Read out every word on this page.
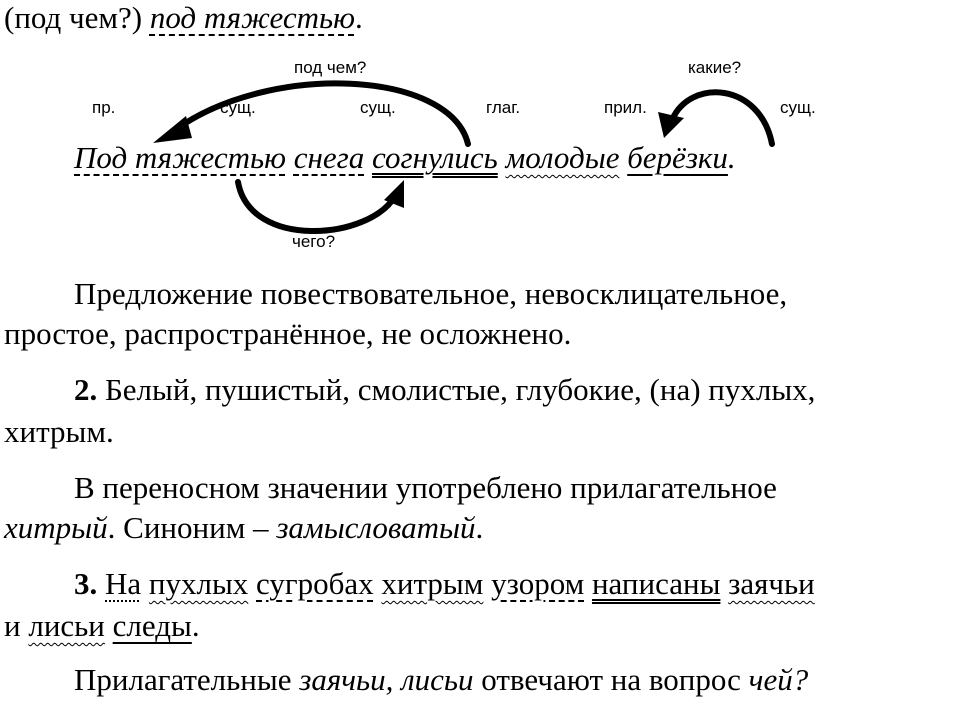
(под чем?) под тяжестью.
под чем?	какие?
пр.	сущ.	сущ.	глаг.	прил.	сущ.
Под тяжестью снега согнулись молодые берёзки.
чего?
Предложение повествовательное, невосклицательное,
простое, распространённое, не осложнено.
2. Белый, пушистый, смолистые, глубокие, (на) пухлых,
хитрым.
В переносном значении употреблено прилагательное
хитрый. Синоним – замысловатый.
3. На пухлых сугробах хитрым узором написаны заячьи
и лисьи следы.
Прилагательные заячьи, лисьи отвечают на вопрос чей?
